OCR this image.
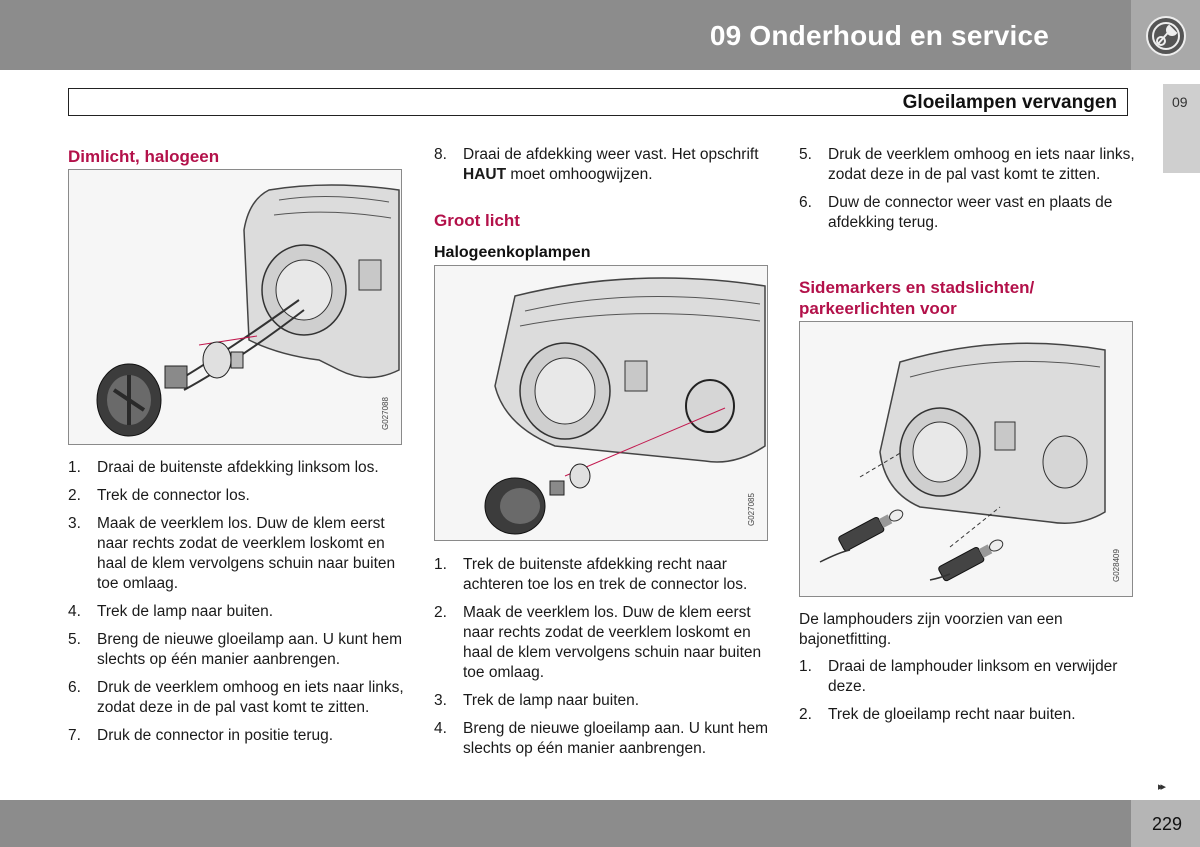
09 Onderhoud en service
Gloeilampen vervangen	09
Dimlicht, halogeen
G027088
1. Draai de buitenste afdekking linksom los.
2. Trek de connector los.
3. Maak de veerklem los. Duw de klem eerst naar rechts zodat de veerklem loskomt en haal de klem vervolgens schuin naar buiten toe omlaag.
4. Trek de lamp naar buiten.
5. Breng de nieuwe gloeilamp aan. U kunt hem slechts op één manier aanbrengen.
6. Druk de veerklem omhoog en iets naar links, zodat deze in de pal vast komt te zitten.
7. Druk de connector in positie terug.
8. Draai de afdekking weer vast. Het opschrift HAUT moet omhoogwijzen.
Groot licht
Halogeenkoplampen
G027085
1. Trek de buitenste afdekking recht naar achteren toe los en trek de connector los.
2. Maak de veerklem los. Duw de klem eerst naar rechts zodat de veerklem loskomt en haal de klem vervolgens schuin naar buiten toe omlaag.
3. Trek de lamp naar buiten.
4. Breng de nieuwe gloeilamp aan. U kunt hem slechts op één manier aanbrengen.
5. Druk de veerklem omhoog en iets naar links, zodat deze in de pal vast komt te zitten.
6. Duw de connector weer vast en plaats de afdekking terug.
Sidemarkers en stadslichten/ parkeerlichten voor
G028409
De lamphouders zijn voorzien van een bajonetfitting.
1. Draai de lamphouder linksom en verwijder deze.
2. Trek de gloeilamp recht naar buiten.
▸▸
229
